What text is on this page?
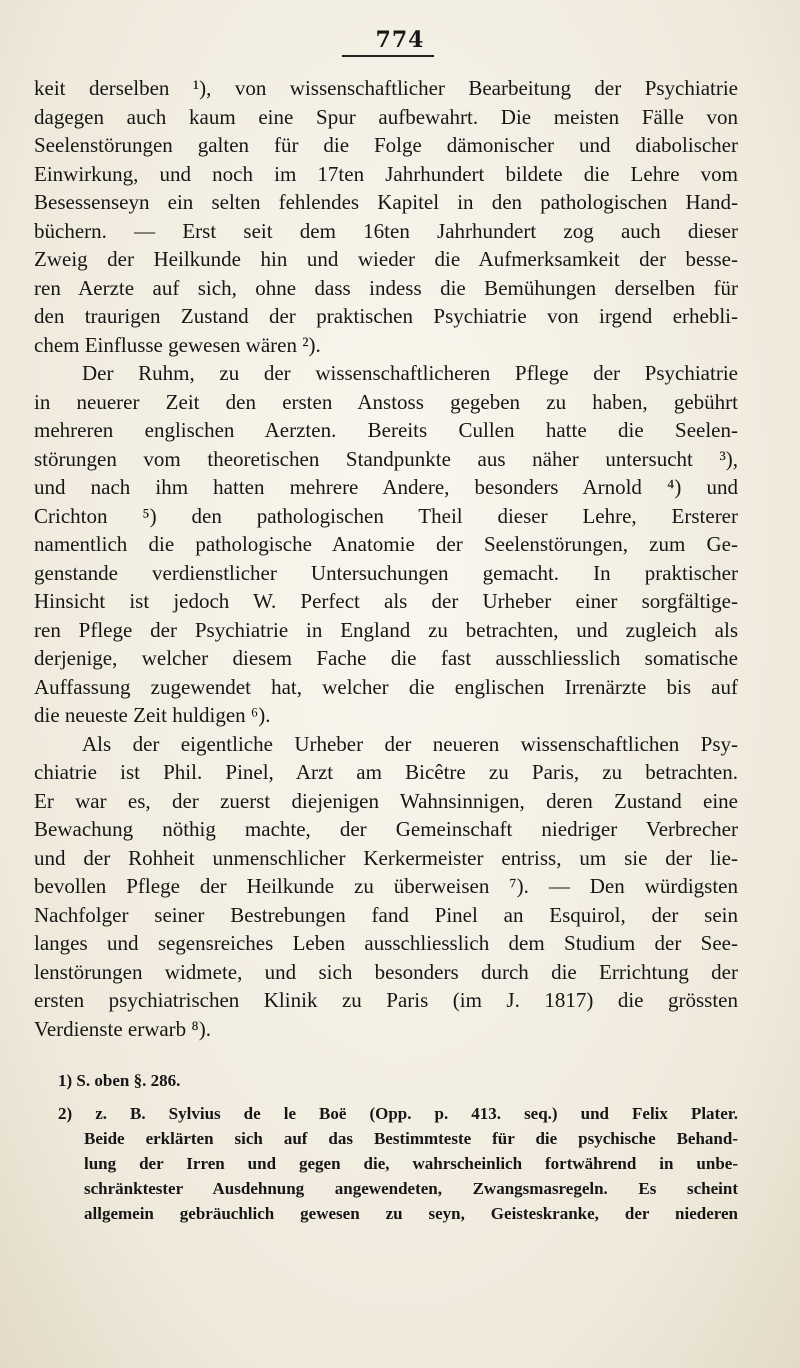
774
keit derselben ¹), von wissenschaftlicher Bearbeitung der Psychiatrie
dagegen auch kaum eine Spur aufbewahrt. Die meisten Fälle von
Seelenstörungen galten für die Folge dämonischer und diabolischer
Einwirkung, und noch im 17ten Jahrhundert bildete die Lehre vom
Besessenseyn ein selten fehlendes Kapitel in den pathologischen Hand-
büchern. — Erst seit dem 16ten Jahrhundert zog auch dieser
Zweig der Heilkunde hin und wieder die Aufmerksamkeit der besse-
ren Aerzte auf sich, ohne dass indess die Bemühungen derselben für
den traurigen Zustand der praktischen Psychiatrie von irgend erhebli-
chem Einflusse gewesen wären ²).
Der Ruhm, zu der wissenschaftlicheren Pflege der Psychiatrie
in neuerer Zeit den ersten Anstoss gegeben zu haben, gebührt
mehreren englischen Aerzten. Bereits Cullen hatte die Seelen-
störungen vom theoretischen Standpunkte aus näher untersucht ³),
und nach ihm hatten mehrere Andere, besonders Arnold ⁴) und
Crichton ⁵) den pathologischen Theil dieser Lehre, Ersterer
namentlich die pathologische Anatomie der Seelenstörungen, zum Ge-
genstande verdienstlicher Untersuchungen gemacht. In praktischer
Hinsicht ist jedoch W. Perfect als der Urheber einer sorgfältige-
ren Pflege der Psychiatrie in England zu betrachten, und zugleich als
derjenige, welcher diesem Fache die fast ausschliesslich somatische
Auffassung zugewendet hat, welcher die englischen Irrenärzte bis auf
die neueste Zeit huldigen ⁶).
Als der eigentliche Urheber der neueren wissenschaftlichen Psy-
chiatrie ist Phil. Pinel, Arzt am Bicêtre zu Paris, zu betrachten.
Er war es, der zuerst diejenigen Wahnsinnigen, deren Zustand eine
Bewachung nöthig machte, der Gemeinschaft niedriger Verbrecher
und der Rohheit unmenschlicher Kerkermeister entriss, um sie der lie-
bevollen Pflege der Heilkunde zu überweisen ⁷). — Den würdigsten
Nachfolger seiner Bestrebungen fand Pinel an Esquirol, der sein
langes und segensreiches Leben ausschliesslich dem Studium der See-
lenstörungen widmete, und sich besonders durch die Errichtung der
ersten psychiatrischen Klinik zu Paris (im J. 1817) die grössten
Verdienste erwarb ⁸).
1) S. oben §. 286.
2) z. B. Sylvius de le Boë (Opp. p. 413. seq.) und Felix Plater.
Beide erklärten sich auf das Bestimmteste für die psychische Behand-
lung der Irren und gegen die, wahrscheinlich fortwährend in unbe-
schränktester Ausdehnung angewendeten, Zwangsmasregeln. Es scheint
allgemein gebräuchlich gewesen zu seyn, Geisteskranke, der niederen
